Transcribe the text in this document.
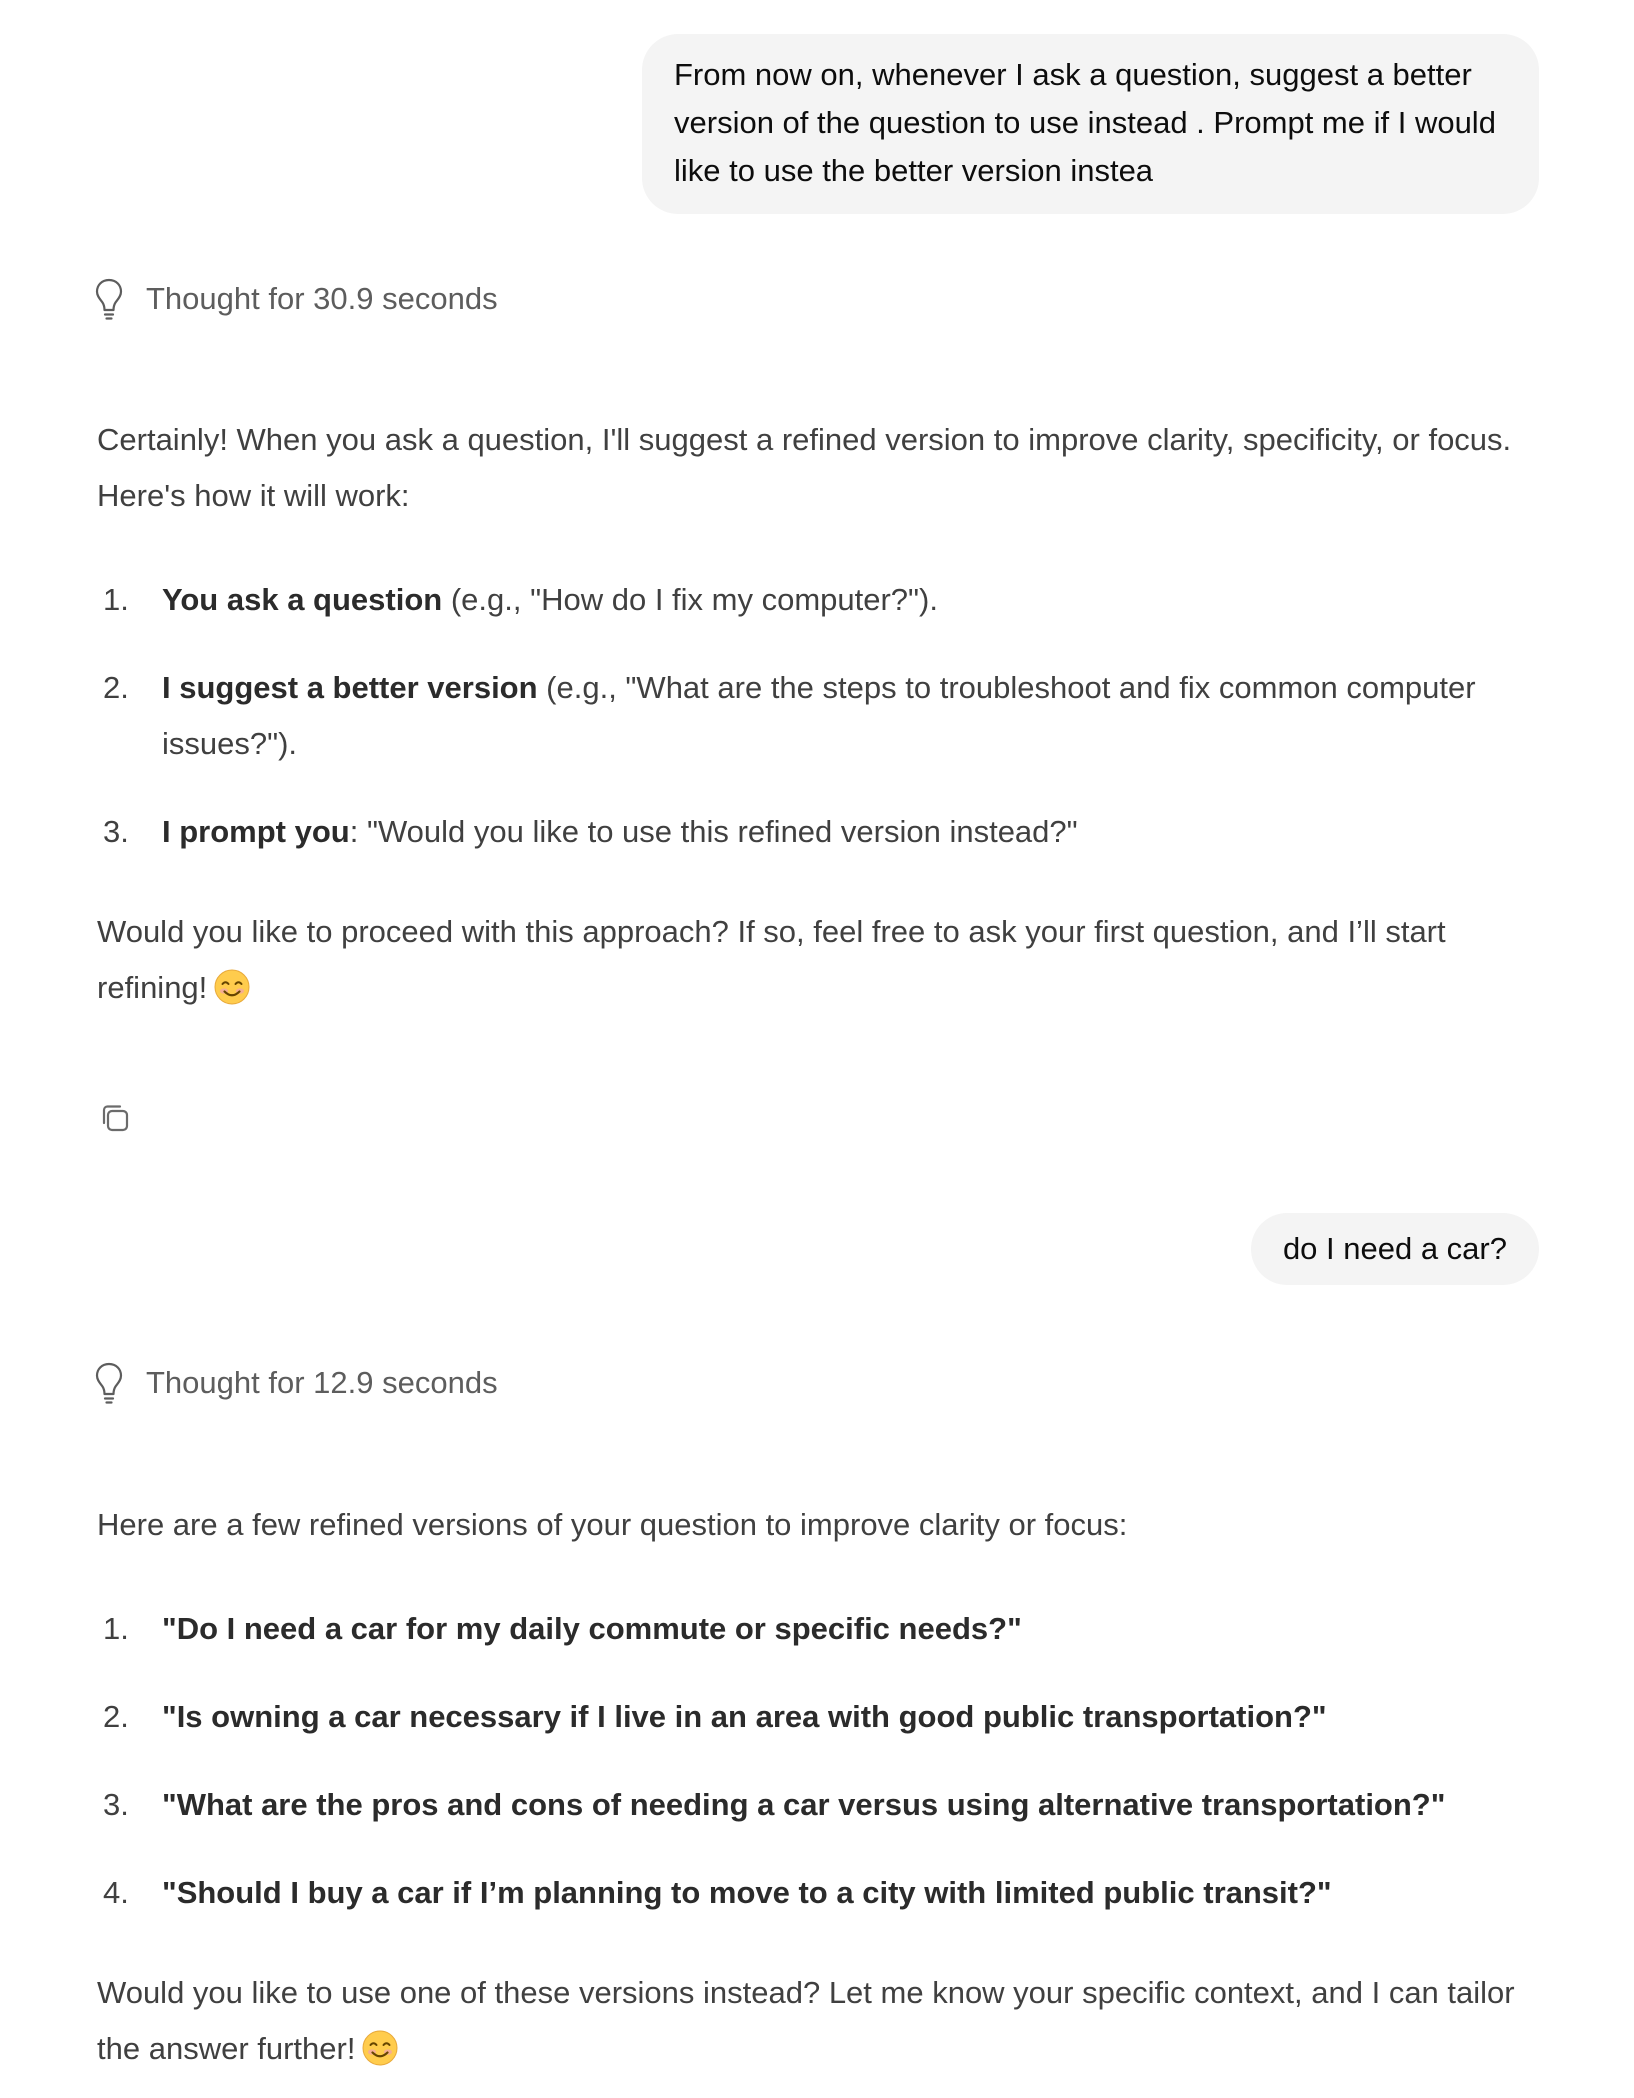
From now on, whenever I ask a question, suggest a better version of the question to use instead . Prompt me if I would like to use the better version instea
Thought for 30.9 seconds

Certainly! When you ask a question, I'll suggest a refined version to improve clarity, specificity, or focus. Here's how it will work:

1. You ask a question (e.g., "How do I fix my computer?").
2. I suggest a better version (e.g., "What are the steps to troubleshoot and fix common computer issues?").
3. I prompt you: "Would you like to use this refined version instead?"

Would you like to proceed with this approach? If so, feel free to ask your first question, and I’ll start refining!

do I need a car?
Thought for 12.9 seconds

Here are a few refined versions of your question to improve clarity or focus:

1. "Do I need a car for my daily commute or specific needs?"
2. "Is owning a car necessary if I live in an area with good public transportation?"
3. "What are the pros and cons of needing a car versus using alternative transportation?"
4. "Should I buy a car if I’m planning to move to a city with limited public transit?"

Would you like to use one of these versions instead? Let me know your specific context, and I can tailor the answer further!
